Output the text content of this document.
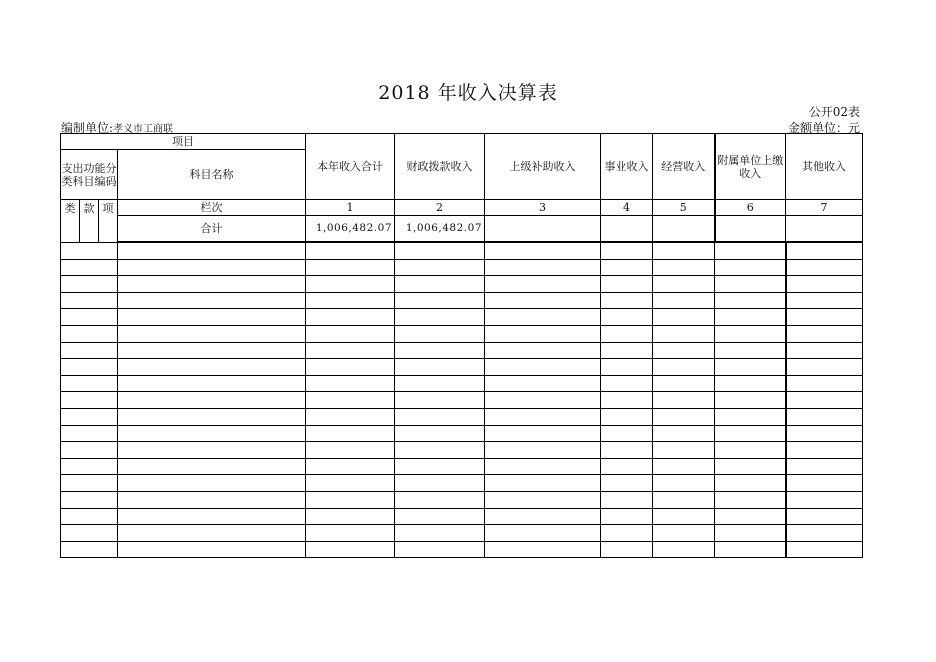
2018 年收入决算表
公开02表
编制单位:孝义市工商联	金额单位：元
项目				本年收入合计	财政拨款收入	上级补助收入	事业收入	经营收入	附属单位上缴收入	其他收入	
支出功能分类科目编码			科目名称								

类	款	项	栏次	1	2	3	4	5	6	7	
			合计	1,006,482.07	1,006,482.07						
